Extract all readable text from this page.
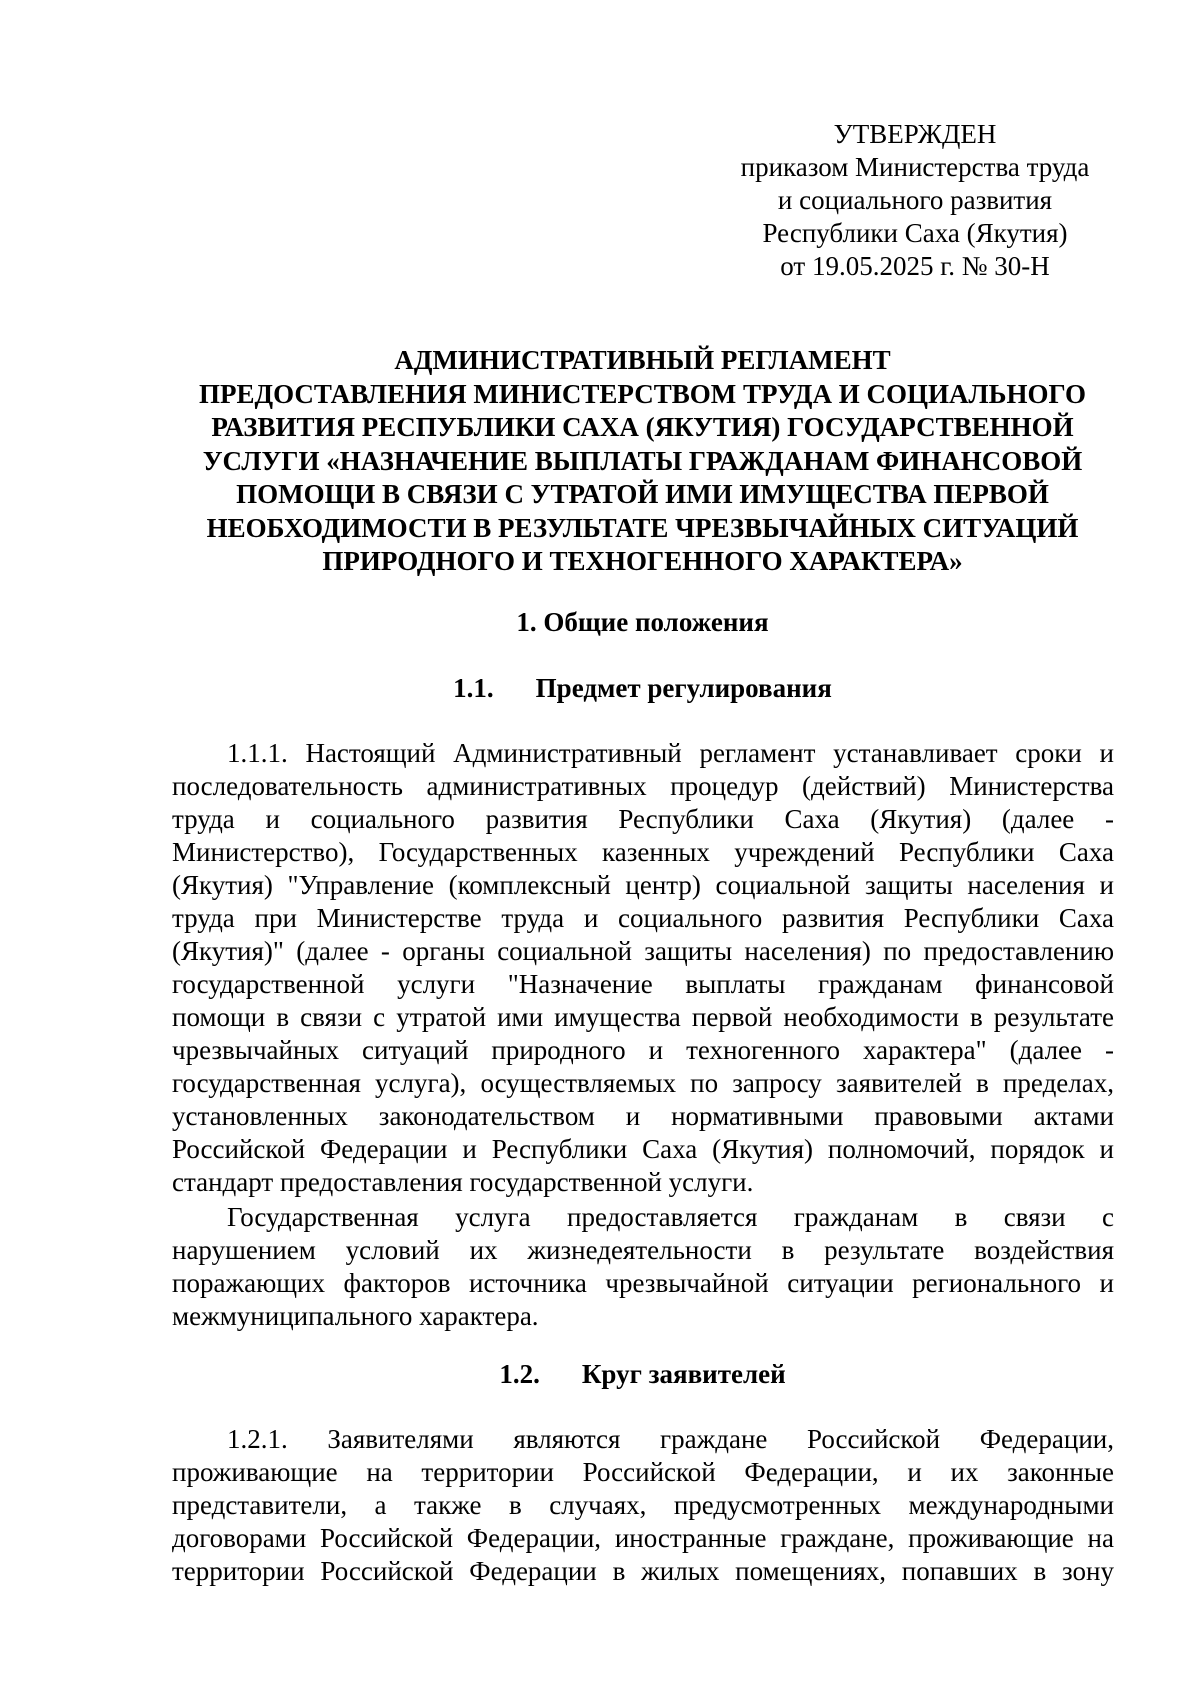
УТВЕРЖДЕН
приказом Министерства труда
и социального развития
Республики Саха (Якутия)
от 19.05.2025 г. № 30-Н
АДМИНИСТРАТИВНЫЙ РЕГЛАМЕНТ
ПРЕДОСТАВЛЕНИЯ МИНИСТЕРСТВОМ ТРУДА И СОЦИАЛЬНОГО
РАЗВИТИЯ РЕСПУБЛИКИ САХА (ЯКУТИЯ) ГОСУДАРСТВЕННОЙ
УСЛУГИ «НАЗНАЧЕНИЕ ВЫПЛАТЫ ГРАЖДАНАМ ФИНАНСОВОЙ
ПОМОЩИ В СВЯЗИ С УТРАТОЙ ИМИ ИМУЩЕСТВА ПЕРВОЙ
НЕОБХОДИМОСТИ В РЕЗУЛЬТАТЕ ЧРЕЗВЫЧАЙНЫХ СИТУАЦИЙ
ПРИРОДНОГО И ТЕХНОГЕННОГО ХАРАКТЕРА»
1. Общие положения
1.1. Предмет регулирования
1.1.1. Настоящий Административный регламент устанавливает сроки и
последовательность административных процедур (действий) Министерства
труда и социального развития Республики Саха (Якутия) (далее -
Министерство), Государственных казенных учреждений Республики Саха
(Якутия) "Управление (комплексный центр) социальной защиты населения и
труда при Министерстве труда и социального развития Республики Саха
(Якутия)" (далее - органы социальной защиты населения) по предоставлению
государственной услуги "Назначение выплаты гражданам финансовой
помощи в связи с утратой ими имущества первой необходимости в результате
чрезвычайных ситуаций природного и техногенного характера" (далее -
государственная услуга), осуществляемых по запросу заявителей в пределах,
установленных законодательством и нормативными правовыми актами
Российской Федерации и Республики Саха (Якутия) полномочий, порядок и
стандарт предоставления государственной услуги.
Государственная услуга предоставляется гражданам в связи с
нарушением условий их жизнедеятельности в результате воздействия
поражающих факторов источника чрезвычайной ситуации регионального и
межмуниципального характера.
1.2. Круг заявителей
1.2.1. Заявителями являются граждане Российской Федерации,
проживающие на территории Российской Федерации, и их законные
представители, а также в случаях, предусмотренных международными
договорами Российской Федерации, иностранные граждане, проживающие на
территории Российской Федерации в жилых помещениях, попавших в зону
